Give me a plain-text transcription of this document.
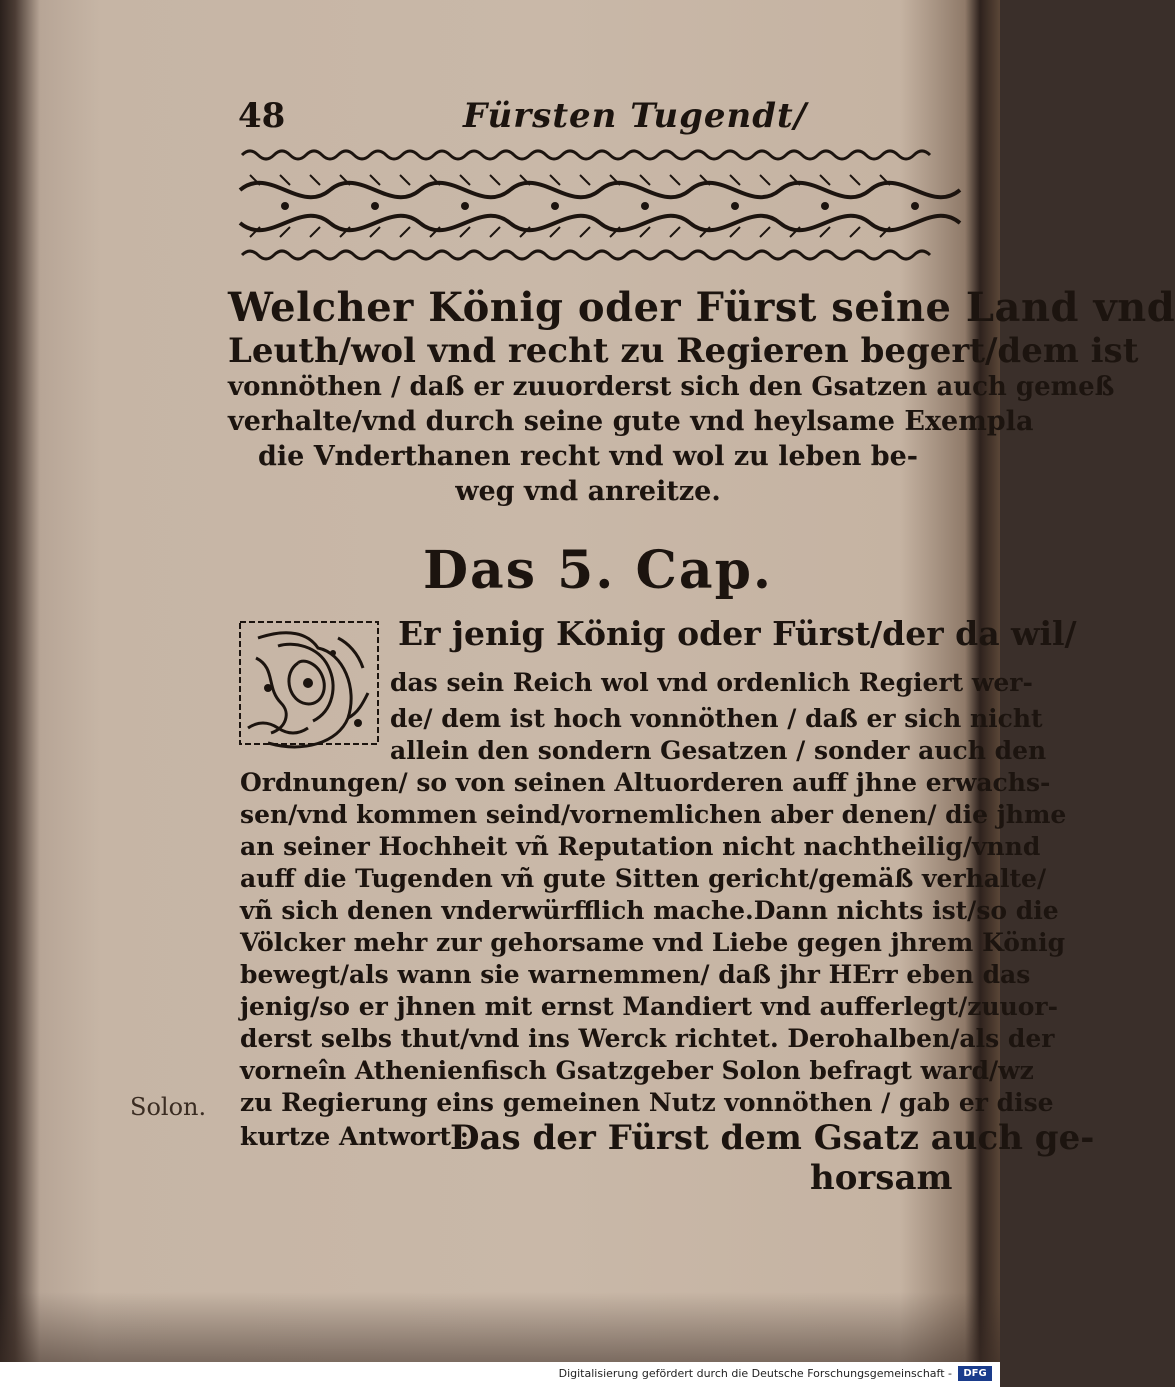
48	Fürsten Tugendt/
Welcher König oder Fürst seine Land vnd
Leuth/wol vnd recht zu Regieren begert/dem ist
vonnöthen / daß er zuuorderst sich den Gsatzen auch gemeß
verhalte/vnd durch seine gute vnd heylsame Exempla
die Vnderthanen recht vnd wol zu leben be-
weg vnd anreitze.
Das 5. Cap.
Er jenig König oder Fürst/der da wil/
das sein Reich wol vnd ordenlich Regiert wer-
de/ dem ist hoch vonnöthen / daß er sich nicht
allein den sondern Gesatzen / sonder auch den
Ordnungen/ so von seinen Altuorderen auff jhne erwachs-
sen/vnd kommen seind/vornemlichen aber denen/ die jhme
an seiner Hochheit vñ Reputation nicht nachtheilig/vnnd
auff die Tugenden vñ gute Sitten gericht/gemäß verhalte/
vñ sich denen vnderwürfflich mache.Dann nichts ist/so die
Völcker mehr zur gehorsame vnd Liebe gegen jhrem König
bewegt/als wann sie warnemmen/ daß jhr HErr eben das
jenig/so er jhnen mit ernst Mandiert vnd aufferlegt/zuuor-
derst selbs thut/vnd ins Werck richtet. Derohalben/als der
vorneîn Athenienfisch Gsatzgeber Solon befragt ward/wz
zu Regierung eins gemeinen Nutz vonnöthen / gab er dise
kurtze Antwort :
Das der Fürst dem Gsatz auch ge-
horsam
Solon.
Digitalisierung gefördert durch die Deutsche Forschungsgemeinschaft -	DFG
